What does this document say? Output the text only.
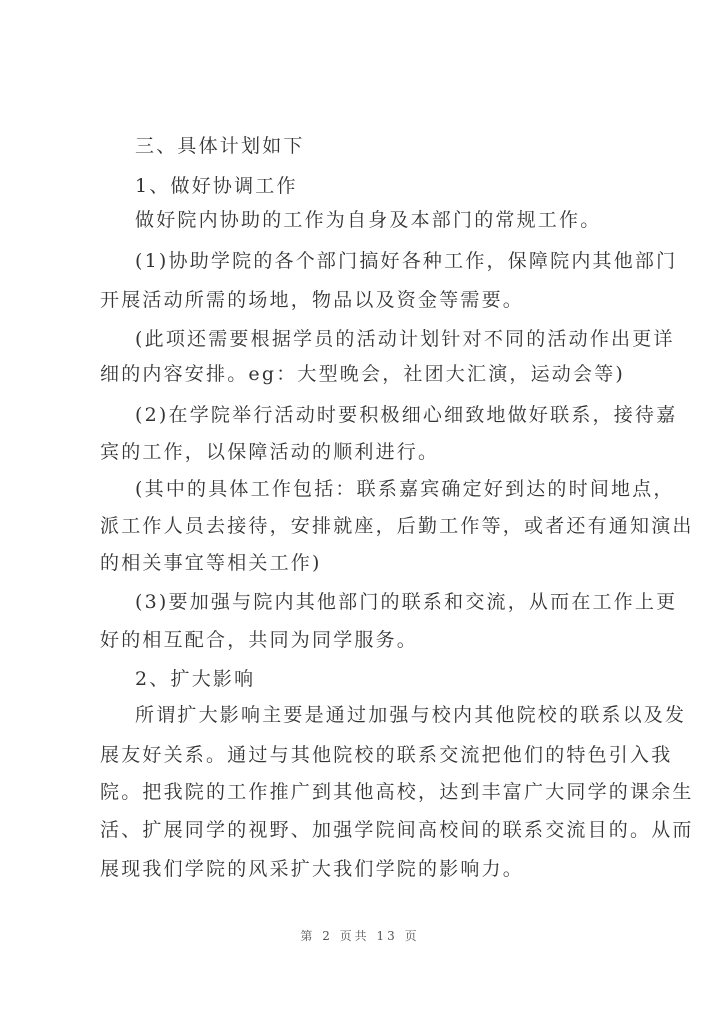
三、具体计划如下
1、做好协调工作
做好院内协助的工作为自身及本部门的常规工作。
(1)协助学院的各个部门搞好各种工作，保障院内其他部门
开展活动所需的场地，物品以及资金等需要。
(此项还需要根据学员的活动计划针对不同的活动作出更详
细的内容安排。eg：大型晚会，社团大汇演，运动会等)
(2)在学院举行活动时要积极细心细致地做好联系，接待嘉
宾的工作，以保障活动的顺利进行。
(其中的具体工作包括：联系嘉宾确定好到达的时间地点，
派工作人员去接待，安排就座，后勤工作等，或者还有通知演出
的相关事宜等相关工作)
(3)要加强与院内其他部门的联系和交流，从而在工作上更
好的相互配合，共同为同学服务。
2、扩大影响
所谓扩大影响主要是通过加强与校内其他院校的联系以及发
展友好关系。通过与其他院校的联系交流把他们的特色引入我
院。把我院的工作推广到其他高校，达到丰富广大同学的课余生
活、扩展同学的视野、加强学院间高校间的联系交流目的。从而
展现我们学院的风采扩大我们学院的影响力。
第 2 页共 13 页
